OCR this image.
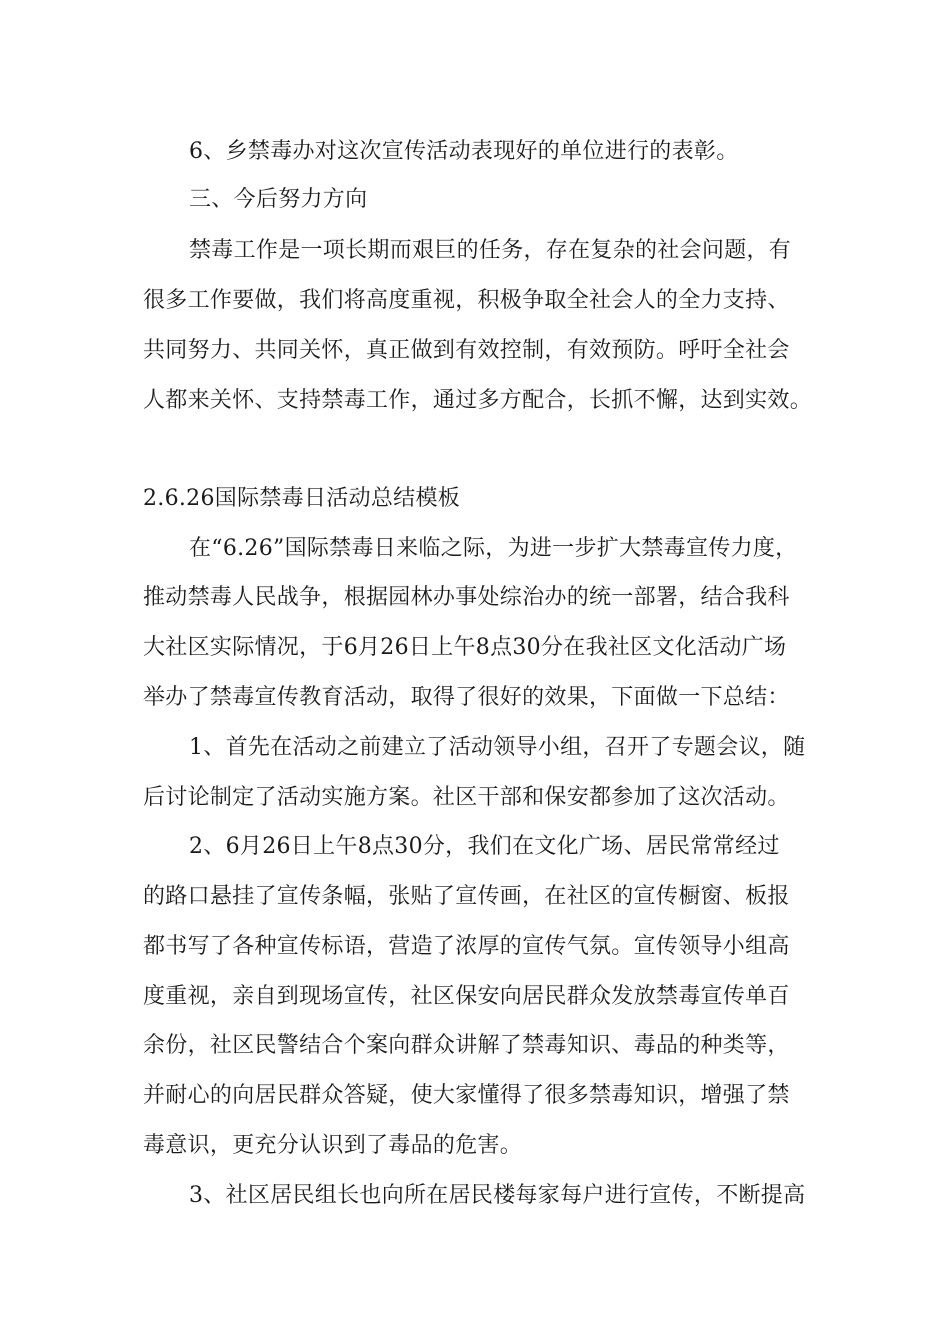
6、乡禁毒办对这次宣传活动表现好的单位进行的表彰。
三、今后努力方向
禁毒工作是一项长期而艰巨的任务，存在复杂的社会问题，有
很多工作要做，我们将高度重视，积极争取全社会人的全力支持、
共同努力、共同关怀，真正做到有效控制，有效预防。呼吁全社会
人都来关怀、支持禁毒工作，通过多方配合，长抓不懈，达到实效。
2.6.26国际禁毒日活动总结模板
在“6.26”国际禁毒日来临之际，为进一步扩大禁毒宣传力度，
推动禁毒人民战争，根据园林办事处综治办的统一部署，结合我科
大社区实际情况，于6月26日上午8点30分在我社区文化活动广场
举办了禁毒宣传教育活动，取得了很好的效果，下面做一下总结：
1、首先在活动之前建立了活动领导小组，召开了专题会议，随
后讨论制定了活动实施方案。社区干部和保安都参加了这次活动。
2、6月26日上午8点30分，我们在文化广场、居民常常经过
的路口悬挂了宣传条幅，张贴了宣传画，在社区的宣传橱窗、板报
都书写了各种宣传标语，营造了浓厚的宣传气氛。宣传领导小组高
度重视，亲自到现场宣传，社区保安向居民群众发放禁毒宣传单百
余份，社区民警结合个案向群众讲解了禁毒知识、毒品的种类等，
并耐心的向居民群众答疑，使大家懂得了很多禁毒知识，增强了禁
毒意识，更充分认识到了毒品的危害。
3、社区居民组长也向所在居民楼每家每户进行宣传，不断提高
